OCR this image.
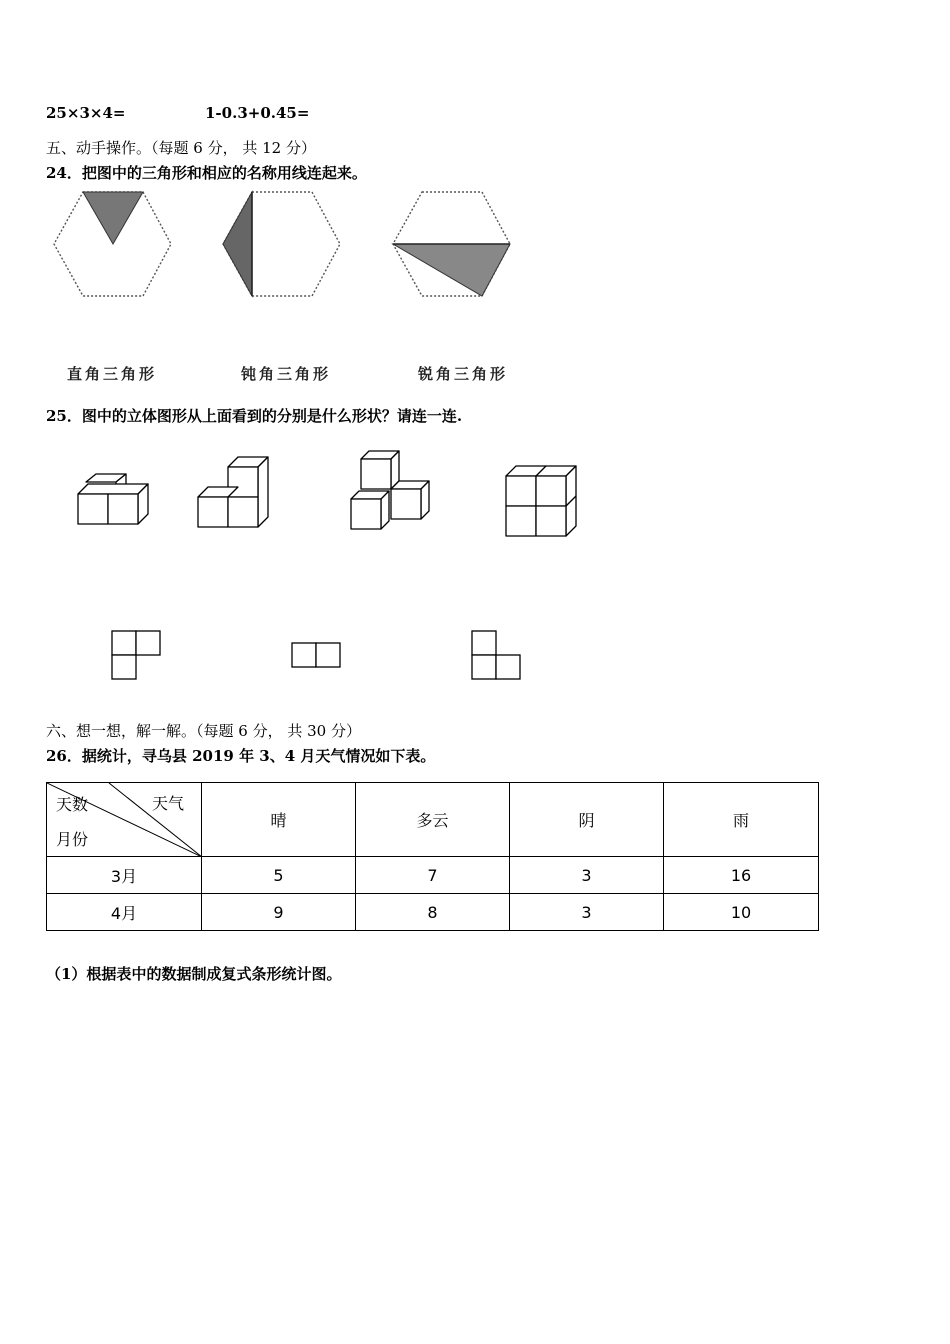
25×3×4=	1-0.3+0.45=
五、动手操作。（每题 6 分， 共 12 分）
24．把图中的三角形和相应的名称用线连起来。
直角三角形	钝角三角形	锐角三角形
25．图中的立体图形从上面看到的分别是什么形状？请连一连.
六、想一想，解一解。（每题 6 分， 共 30 分）
26．据统计，寻乌县 2019 年 3、4 月天气情况如下表。
天数 天气
月份	晴	多云	阴	雨
3月	5	7	3	16
4月	9	8	3	10
（1）根据表中的数据制成复式条形统计图。
